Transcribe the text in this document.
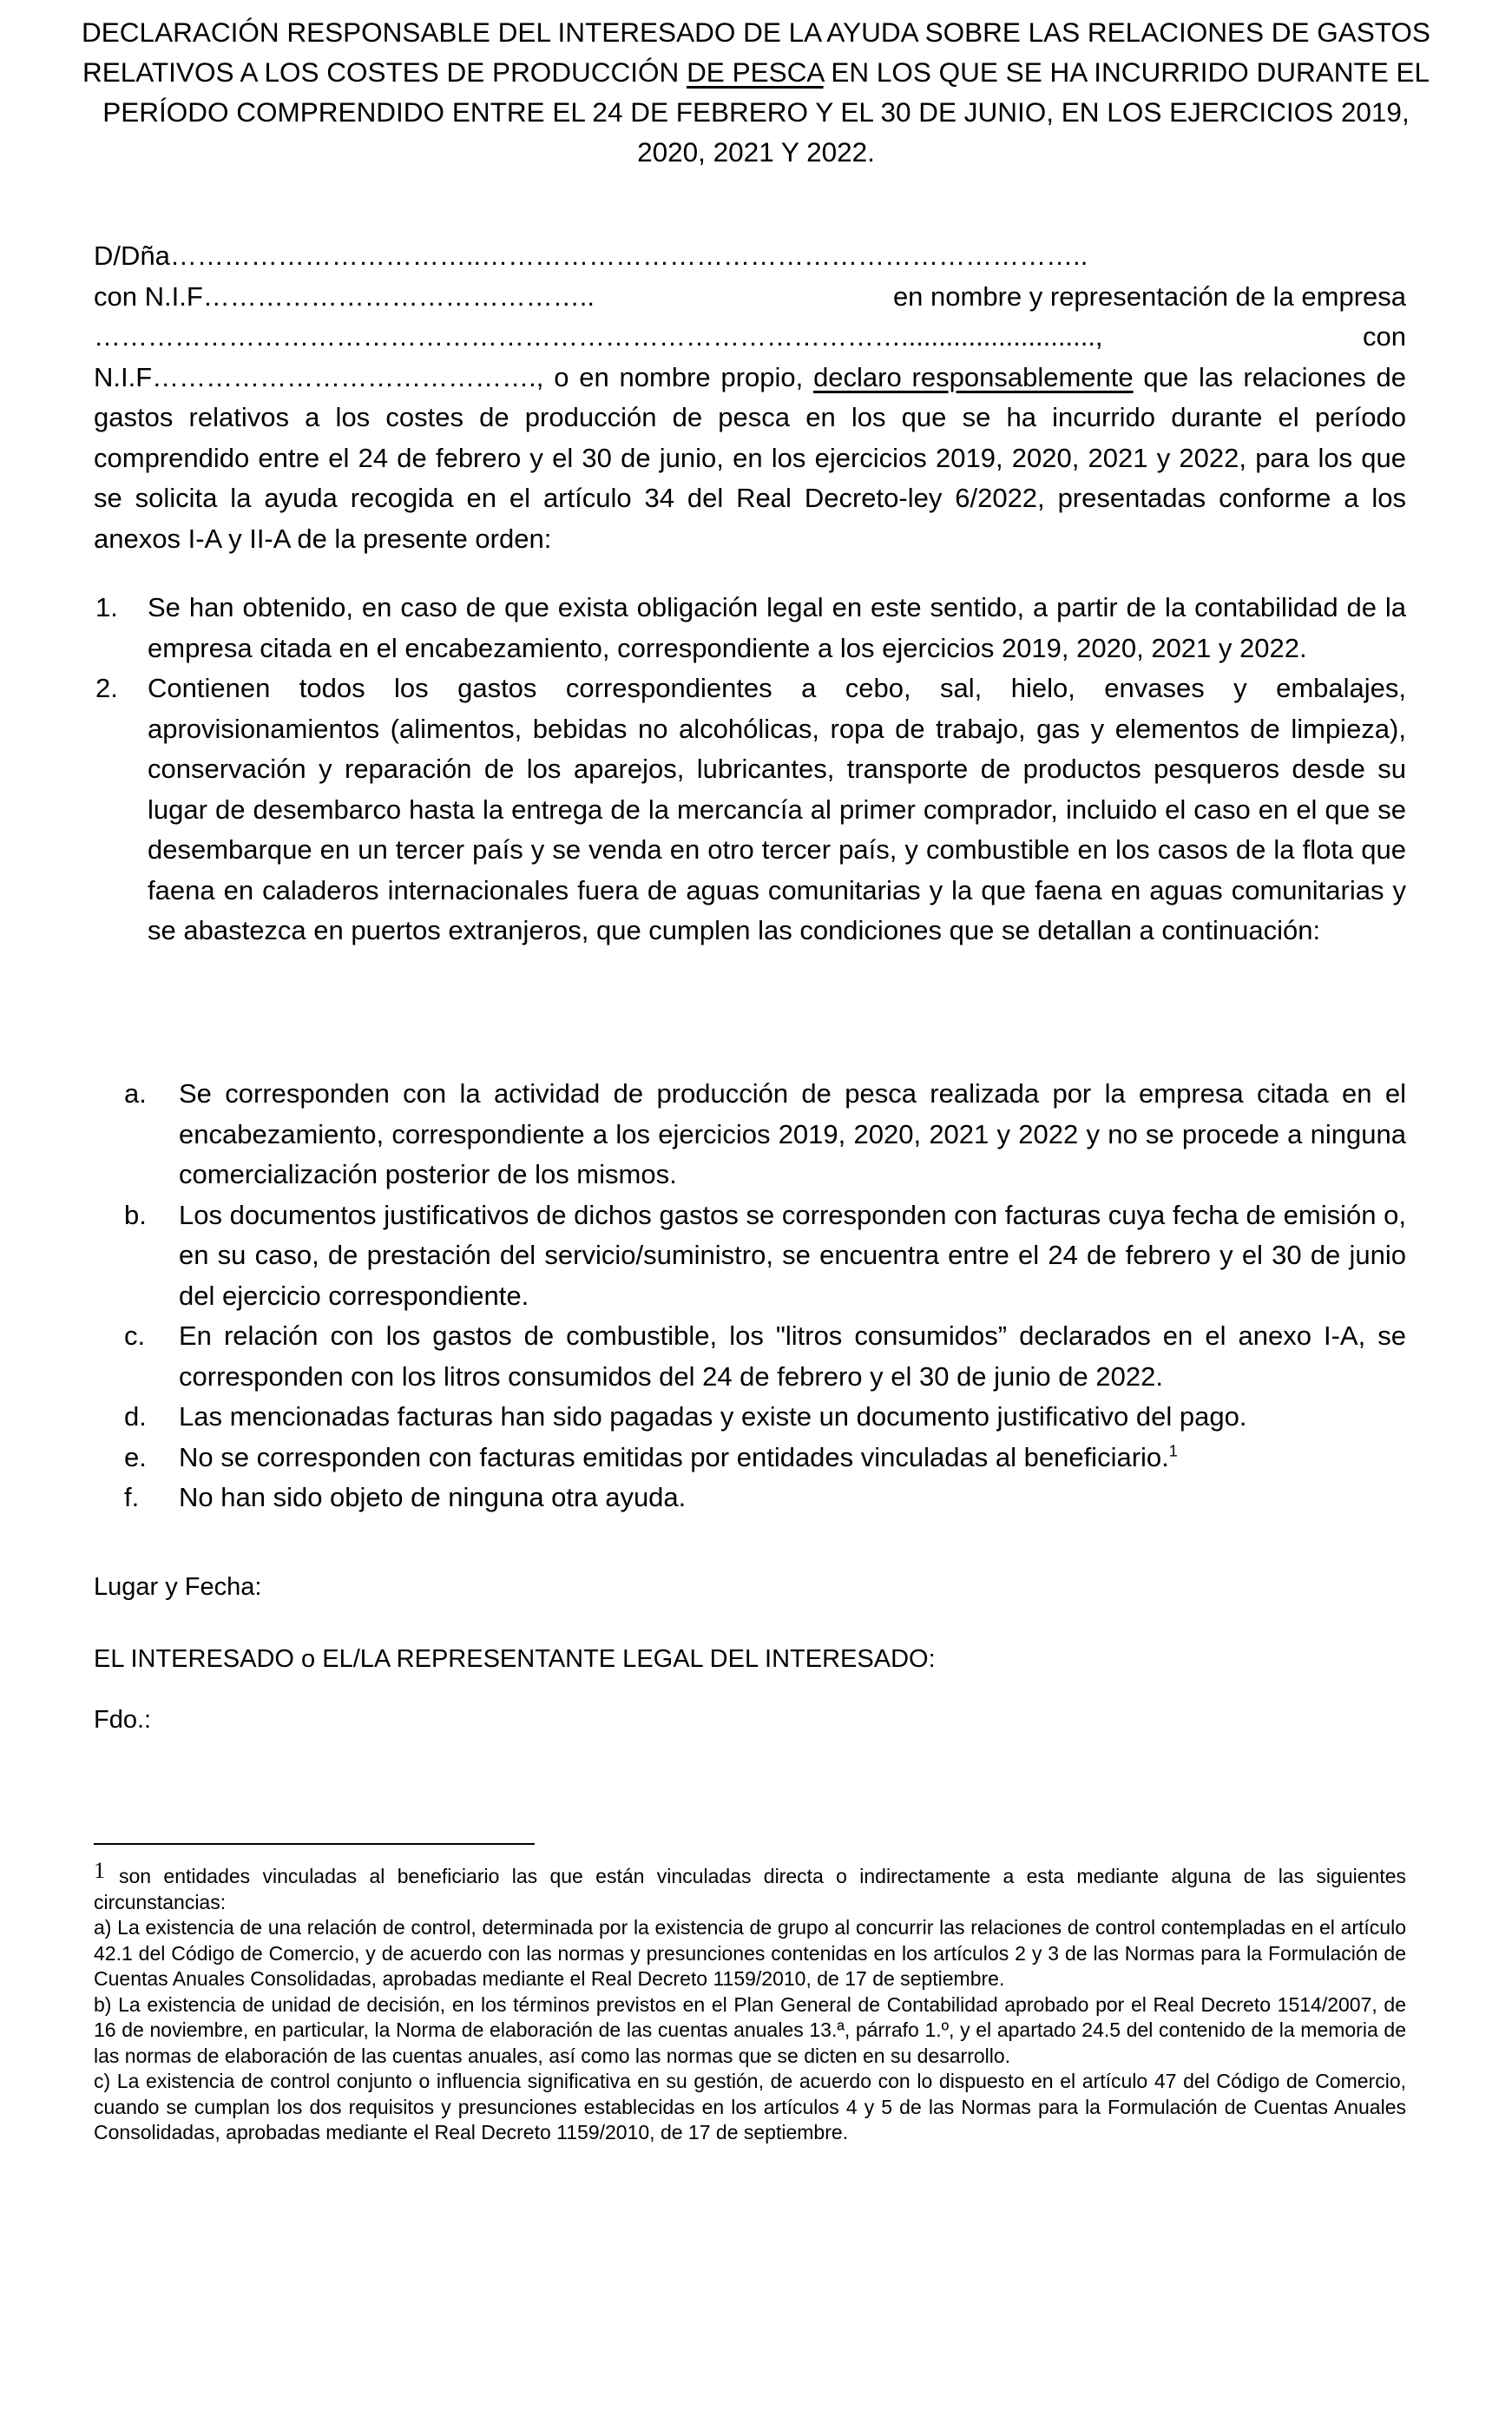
DECLARACIÓN RESPONSABLE DEL INTERESADO DE LA AYUDA SOBRE LAS RELACIONES DE GASTOS RELATIVOS A LOS COSTES DE PRODUCCIÓN DE PESCA EN LOS QUE SE HA INCURRIDO DURANTE EL PERÍODO COMPRENDIDO ENTRE EL 24 DE FEBRERO Y EL 30 DE JUNIO, EN LOS EJERCICIOS 2019, 2020, 2021 Y 2022.
D/Dña……………………………..…………………………………………………………..
con N.I.F……………………………………..	en nombre y representación de la empresa
………………………………………………………………………………..........................,	con
N.I.F……………………………………., o en nombre propio, declaro responsablemente que las relaciones de gastos relativos a los costes de producción de pesca en los que se ha incurrido durante el período comprendido entre el 24 de febrero y el 30 de junio, en los ejercicios 2019, 2020, 2021 y 2022, para los que se solicita la ayuda recogida en el artículo 34 del Real Decreto-ley 6/2022, presentadas conforme a los anexos I-A y II-A de la presente orden:
1. Se han obtenido, en caso de que exista obligación legal en este sentido, a partir de la contabilidad de la empresa citada en el encabezamiento, correspondiente a los ejercicios 2019, 2020, 2021 y 2022.
2. Contienen todos los gastos correspondientes a cebo, sal, hielo, envases y embalajes, aprovisionamientos (alimentos, bebidas no alcohólicas, ropa de trabajo, gas y elementos de limpieza), conservación y reparación de los aparejos, lubricantes, transporte de productos pesqueros desde su lugar de desembarco hasta la entrega de la mercancía al primer comprador, incluido el caso en el que se desembarque en un tercer país y se venda en otro tercer país, y combustible en los casos de la flota que faena en caladeros internacionales fuera de aguas comunitarias y la que faena en aguas comunitarias y se abastezca en puertos extranjeros, que cumplen las condiciones que se detallan a continuación:
a. Se corresponden con la actividad de producción de pesca realizada por la empresa citada en el encabezamiento, correspondiente a los ejercicios 2019, 2020, 2021 y 2022 y no se procede a ninguna comercialización posterior de los mismos.
b. Los documentos justificativos de dichos gastos se corresponden con facturas cuya fecha de emisión o, en su caso, de prestación del servicio/suministro, se encuentra entre el 24 de febrero y el 30 de junio del ejercicio correspondiente.
c. En relación con los gastos de combustible, los "litros consumidos” declarados en el anexo I-A, se corresponden con los litros consumidos del 24 de febrero y el 30 de junio de 2022.
d. Las mencionadas facturas han sido pagadas y existe un documento justificativo del pago.
e. No se corresponden con facturas emitidas por entidades vinculadas al beneficiario.$^1$
f. No han sido objeto de ninguna otra ayuda.
Lugar y Fecha:
EL INTERESADO o EL/LA REPRESENTANTE LEGAL DEL INTERESADO:
Fdo.:

1 son entidades vinculadas al beneficiario las que están vinculadas directa o indirectamente a esta mediante alguna de las siguientes circunstancias:

a) La existencia de una relación de control, determinada por la existencia de grupo al concurrir las relaciones de control contempladas en el artículo 42.1 del Código de Comercio, y de acuerdo con las normas y presunciones contenidas en los artículos 2 y 3 de las Normas para la Formulación de Cuentas Anuales Consolidadas, aprobadas mediante el Real Decreto 1159/2010, de 17 de septiembre.

b) La existencia de unidad de decisión, en los términos previstos en el Plan General de Contabilidad aprobado por el Real Decreto 1514/2007, de 16 de noviembre, en particular, la Norma de elaboración de las cuentas anuales 13.ª, párrafo 1.º, y el apartado 24.5 del contenido de la memoria de las normas de elaboración de las cuentas anuales, así como las normas que se dicten en su desarrollo.

c) La existencia de control conjunto o influencia significativa en su gestión, de acuerdo con lo dispuesto en el artículo 47 del Código de Comercio, cuando se cumplan los dos requisitos y presunciones establecidas en los artículos 4 y 5 de las Normas para la Formulación de Cuentas Anuales Consolidadas, aprobadas mediante el Real Decreto 1159/2010, de 17 de septiembre.
